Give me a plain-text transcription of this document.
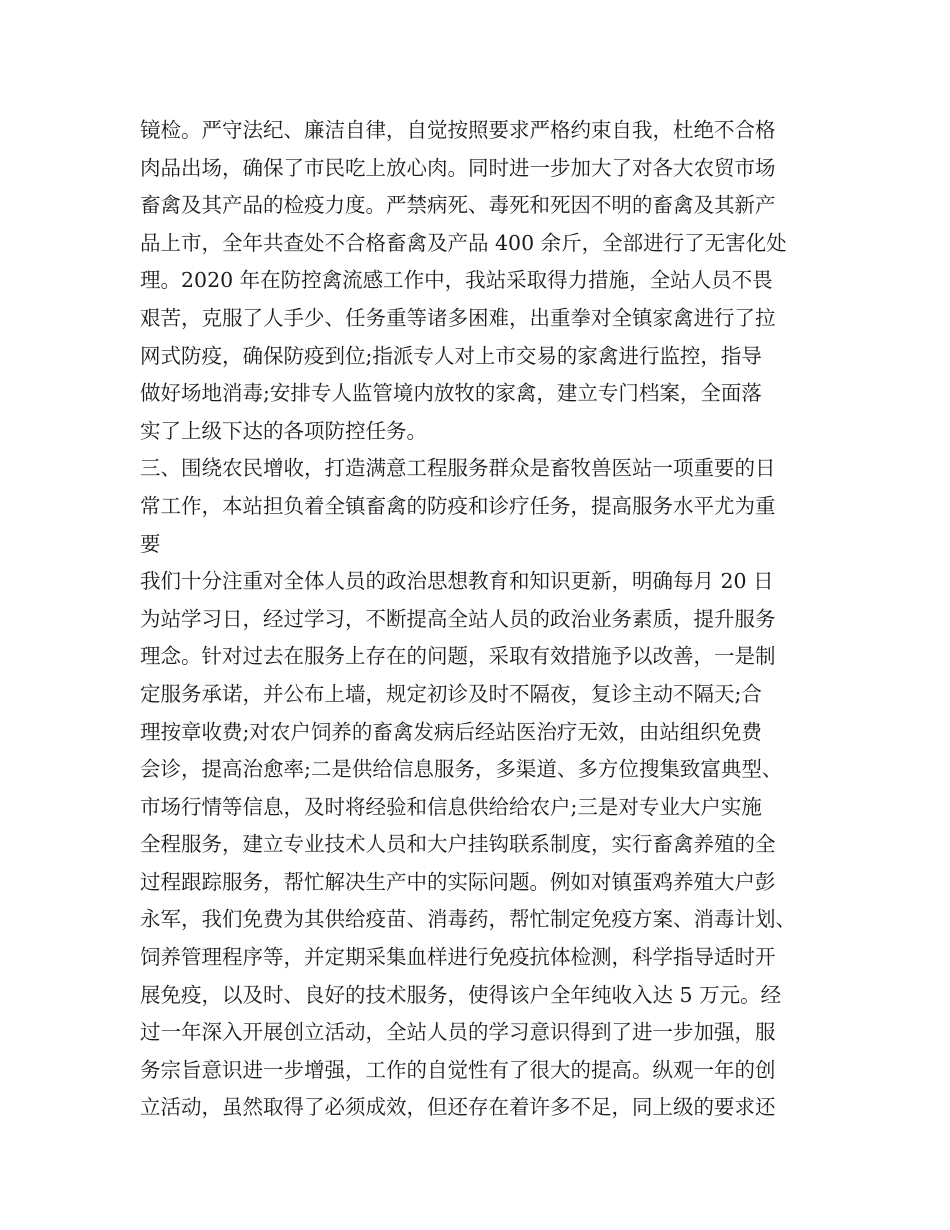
镜检。严守法纪、廉洁自律，自觉按照要求严格约束自我，杜绝不合格
肉品出场，确保了市民吃上放心肉。同时进一步加大了对各大农贸市场
畜禽及其产品的检疫力度。严禁病死、毒死和死因不明的畜禽及其新产
品上市，全年共查处不合格畜禽及产品 400 余斤，全部进行了无害化处
理。2020 年在防控禽流感工作中，我站采取得力措施，全站人员不畏
艰苦，克服了人手少、任务重等诸多困难，出重拳对全镇家禽进行了拉
网式防疫，确保防疫到位;指派专人对上市交易的家禽进行监控，指导
做好场地消毒;安排专人监管境内放牧的家禽，建立专门档案，全面落
实了上级下达的各项防控任务。
三、围绕农民增收，打造满意工程服务群众是畜牧兽医站一项重要的日
常工作，本站担负着全镇畜禽的防疫和诊疗任务，提高服务水平尤为重
要
我们十分注重对全体人员的政治思想教育和知识更新，明确每月 20 日
为站学习日，经过学习，不断提高全站人员的政治业务素质，提升服务
理念。针对过去在服务上存在的问题，采取有效措施予以改善，一是制
定服务承诺，并公布上墙，规定初诊及时不隔夜，复诊主动不隔天;合
理按章收费;对农户饲养的畜禽发病后经站医治疗无效，由站组织免费
会诊，提高治愈率;二是供给信息服务，多渠道、多方位搜集致富典型、
市场行情等信息，及时将经验和信息供给给农户;三是对专业大户实施
全程服务，建立专业技术人员和大户挂钩联系制度，实行畜禽养殖的全
过程跟踪服务，帮忙解决生产中的实际问题。例如对镇蛋鸡养殖大户彭
永军，我们免费为其供给疫苗、消毒药，帮忙制定免疫方案、消毒计划、
饲养管理程序等，并定期采集血样进行免疫抗体检测，科学指导适时开
展免疫，以及时、良好的技术服务，使得该户全年纯收入达 5 万元。经
过一年深入开展创立活动，全站人员的学习意识得到了进一步加强，服
务宗旨意识进一步增强，工作的自觉性有了很大的提高。纵观一年的创
立活动，虽然取得了必须成效，但还存在着许多不足，同上级的要求还
